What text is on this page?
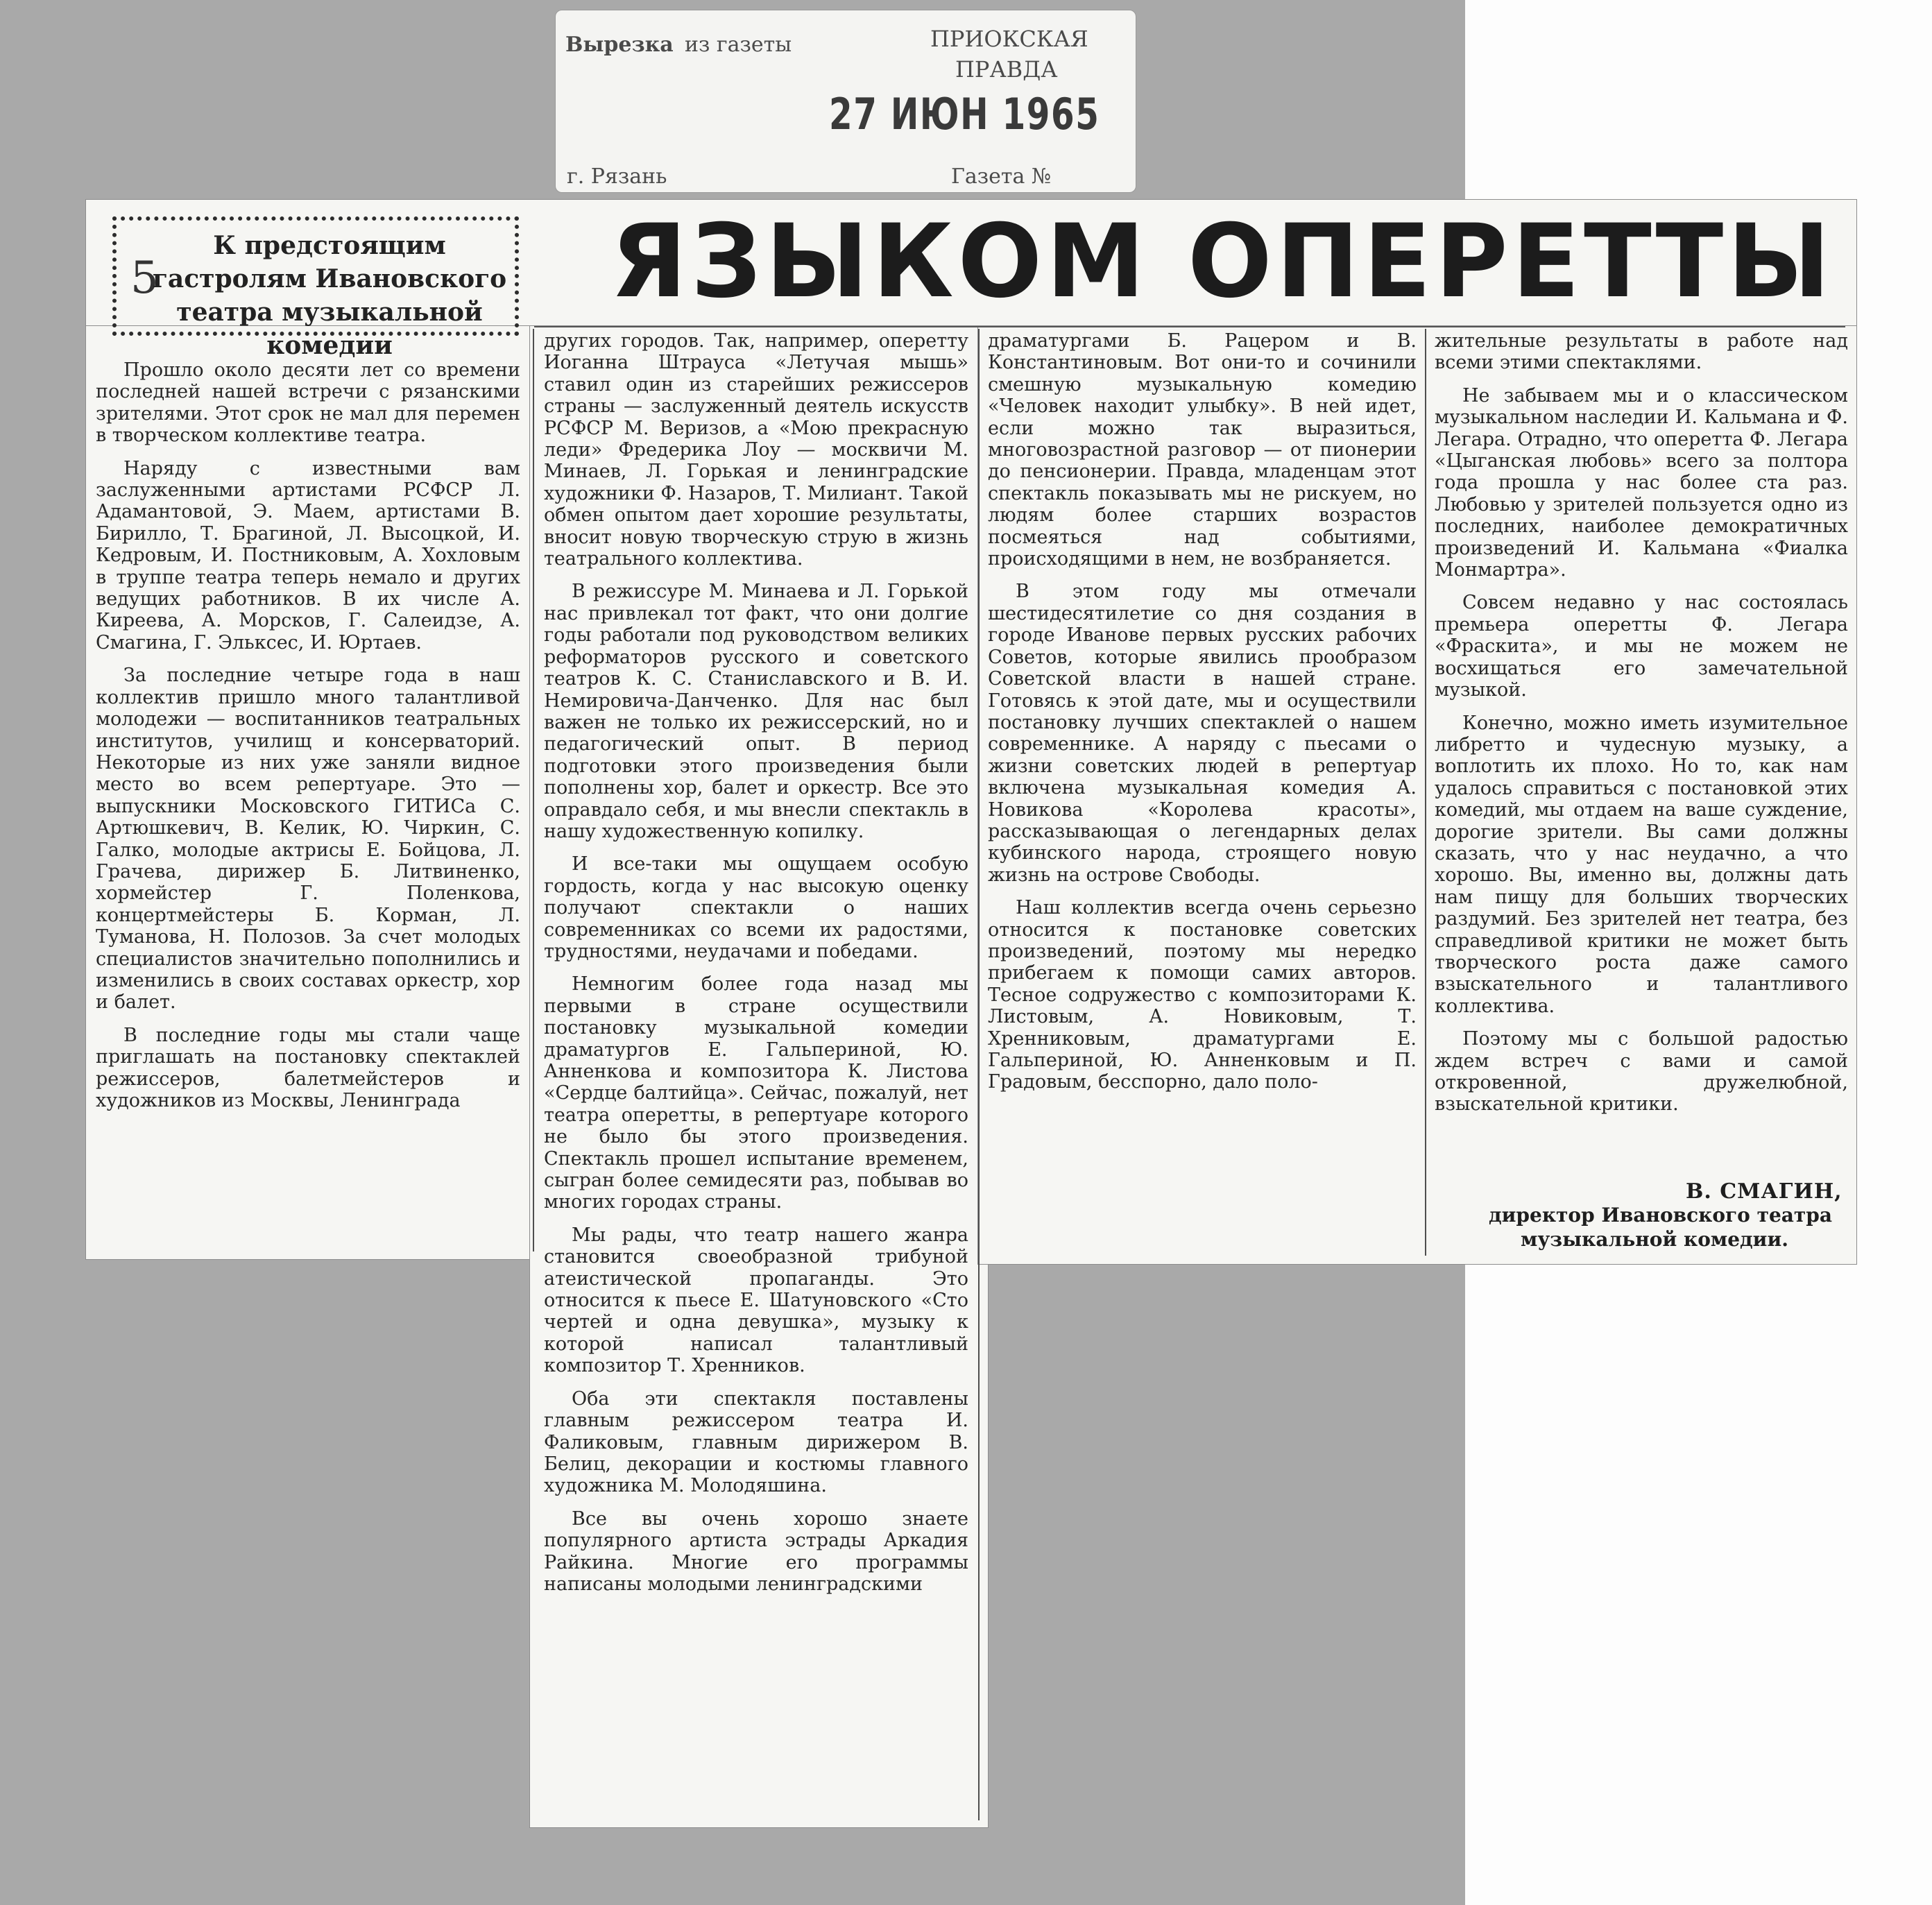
Вырезка из газеты	ПРИОКСКАЯ
ПРАВДА
г. Рязань	Газета №
27 ИЮН 1965
5
К предстоящим гастролям Ивановского театра музыкальной комедии
ЯЗЫКОМ ОПЕРЕТТЫ

Прошло около десяти лет со времени последней нашей встречи с рязанскими зрителями. Этот срок не мал для перемен в творческом коллективе театра.

Наряду с известными вам заслуженными артистами РСФСР Л. Адамантовой, Э. Маем, артистами В. Бирилло, Т. Брагиной, Л. Высоцкой, И. Кедровым, И. Постниковым, А. Хохловым в труппе театра теперь немало и других ведущих работников. В их числе А. Киреева, А. Морсков, Г. Салеидзе, А. Смагина, Г. Эльксес, И. Юртаев.

За последние четыре года в наш коллектив пришло много талантливой молодежи — воспитанников театральных институтов, училищ и консерваторий. Некоторые из них уже заняли видное место во всем репертуаре. Это — выпускники Московского ГИТИСа С. Артюшкевич, В. Келик, Ю. Чиркин, С. Галко, молодые актрисы Е. Бойцова, Л. Грачева, дирижер Б. Литвиненко, хормейстер Г. Поленкова, концертмейстеры Б. Корман, Л. Туманова, Н. Полозов. За счет молодых специалистов значительно пополнились и изменились в своих составах оркестр, хор и балет.

В последние годы мы стали чаще приглашать на постановку спектаклей режиссеров, балетмейстеров и художников из Москвы, Ленинграда

других городов. Так, например, оперетту Иоганна Штрауса «Летучая мышь» ставил один из старейших режиссеров страны — заслуженный деятель искусств РСФСР М. Веризов, а «Мою прекрасную леди» Фредерика Лоу — москвичи М. Минаев, Л. Горькая и ленинградские художники Ф. Назаров, Т. Милиант. Такой обмен опытом дает хорошие результаты, вносит новую творческую струю в жизнь театрального коллектива.

В режиссуре М. Минаева и Л. Горькой нас привлекал тот факт, что они долгие годы работали под руководством великих реформаторов русского и советского театров К. С. Станиславского и В. И. Немировича-Данченко. Для нас был важен не только их режиссерский, но и педагогический опыт. В период подготовки этого произведения были пополнены хор, балет и оркестр. Все это оправдало себя, и мы внесли спектакль в нашу художественную копилку.

И все-таки мы ощущаем особую гордость, когда у нас высокую оценку получают спектакли о наших современниках со всеми их радостями, трудностями, неудачами и победами.

Немногим более года назад мы первыми в стране осуществили постановку музыкальной комедии драматургов Е. Гальпериной, Ю. Анненкова и композитора К. Листова «Сердце балтийца». Сейчас, пожалуй, нет театра оперетты, в репертуаре которого не было бы этого произведения. Спектакль прошел испытание временем, сыгран более семидесяти раз, побывав во многих городах страны.

Мы рады, что театр нашего жанра становится своеобразной трибуной атеистической пропаганды. Это относится к пьесе Е. Шатуновского «Сто чертей и одна девушка», музыку к которой написал талантливый композитор Т. Хренников.

Оба эти спектакля поставлены главным режиссером театра И. Фаликовым, главным дирижером В. Белиц, декорации и костюмы главного художника М. Молодяшина.

Все вы очень хорошо знаете популярного артиста эстрады Аркадия Райкина. Многие его программы написаны молодыми ленинградскими

драматургами Б. Рацером и В. Константиновым. Вот они-то и сочинили смешную музыкальную комедию «Человек находит улыбку». В ней идет, если можно так выразиться, многовозрастной разговор — от пионерии до пенсионерии. Правда, младенцам этот спектакль показывать мы не рискуем, но людям более старших возрастов посмеяться над событиями, происходящими в нем, не возбраняется.

В этом году мы отмечали шестидесятилетие со дня создания в городе Иванове первых русских рабочих Советов, которые явились прообразом Советской власти в нашей стране. Готовясь к этой дате, мы и осуществили постановку лучших спектаклей о нашем современнике. А наряду с пьесами о жизни советских людей в репертуар включена музыкальная комедия А. Новикова «Королева красоты», рассказывающая о легендарных делах кубинского народа, строящего новую жизнь на острове Свободы.

Наш коллектив всегда очень серьезно относится к постановке советских произведений, поэтому мы нередко прибегаем к помощи самих авторов. Тесное содружество с композиторами К. Листовым, А. Новиковым, Т. Хренниковым, драматургами Е. Гальпериной, Ю. Анненковым и П. Градовым, бесспорно, дало поло-

жительные результаты в работе над всеми этими спектаклями.

Не забываем мы и о классическом музыкальном наследии И. Кальмана и Ф. Легара. Отрадно, что оперетта Ф. Легара «Цыганская любовь» всего за полтора года прошла у нас более ста раз. Любовью у зрителей пользуется одно из последних, наиболее демократичных произведений И. Кальмана «Фиалка Монмартра».

Совсем недавно у нас состоялась премьера оперетты Ф. Легара «Фраскита», и мы не можем не восхищаться его замечательной музыкой.

Конечно, можно иметь изумительное либретто и чудесную музыку, а воплотить их плохо. Но то, как нам удалось справиться с постановкой этих комедий, мы отдаем на ваше суждение, дорогие зрители. Вы сами должны сказать, что у нас неудачно, а что хорошо. Вы, именно вы, должны дать нам пищу для больших творческих раздумий. Без зрителей нет театра, без справедливой критики не может быть творческого роста даже самого взыскательного и талантливого коллектива.

Поэтому мы с большой радостью ждем встреч с вами и самой откровенной, дружелюбной, взыскательной критики.

В. СМАГИН,
директор Ивановского театра
музыкальной комедии.
